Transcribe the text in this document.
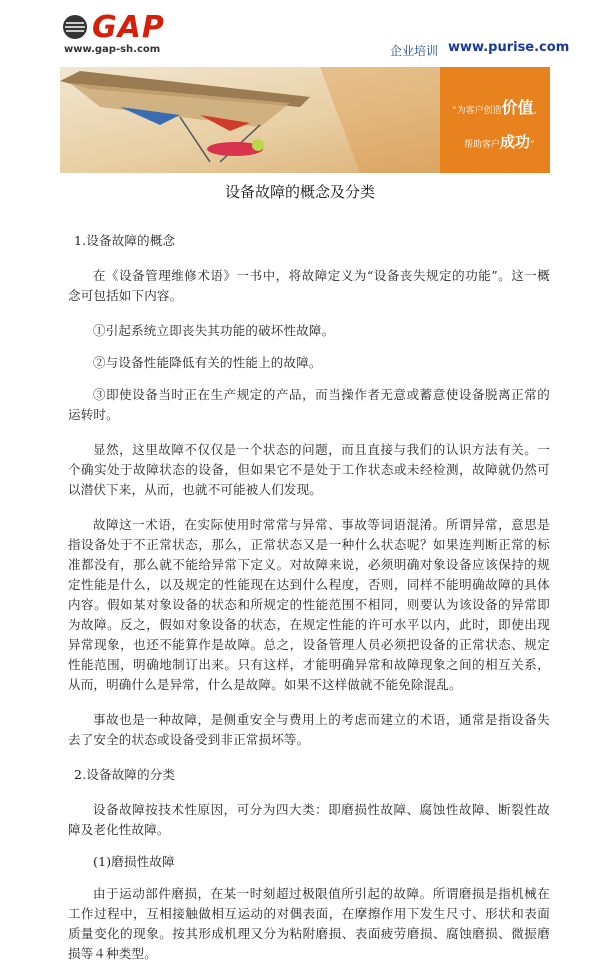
GAP
www.gap-sh.com	企业培训 www.purise.com
“为客户创造价值,
帮助客户成功”
设备故障的概念及分类

1.设备故障的概念

在《设备管理维修术语》一书中，将故障定义为“设备丧失规定的功能”。这一概念可包括如下内容。

①引起系统立即丧失其功能的破坏性故障。

②与设备性能降低有关的性能上的故障。

③即使设备当时正在生产规定的产品，而当操作者无意或蓄意使设备脱离正常的运转时。

显然，这里故障不仅仅是一个状态的问题，而且直接与我们的认识方法有关。一个确实处于故障状态的设备，但如果它不是处于工作状态或未经检测，故障就仍然可以潜伏下来，从而，也就不可能被人们发现。

故障这一术语，在实际使用时常常与异常、事故等词语混淆。所谓异常，意思是指设备处于不正常状态，那么，正常状态又是一种什么状态呢？如果连判断正常的标准都没有，那么就不能给异常下定义。对故障来说，必须明确对象设备应该保持的规定性能是什么，以及规定的性能现在达到什么程度，否则，同样不能明确故障的具体内容。假如某对象设备的状态和所规定的性能范围不相同，则要认为该设备的异常即为故障。反之，假如对象设备的状态，在规定性能的许可水平以内，此时，即使出现异常现象，也还不能算作是故障。总之，设备管理人员必须把设备的正常状态、规定性能范围，明确地制订出来。只有这样，才能明确异常和故障现象之间的相互关系，从而，明确什么是异常，什么是故障。如果不这样做就不能免除混乱。

事故也是一种故障，是侧重安全与费用上的考虑而建立的术语，通常是指设备失去了安全的状态或设备受到非正常损坏等。

2.设备故障的分类

设备故障按技术性原因，可分为四大类：即磨损性故障、腐蚀性故障、断裂性故障及老化性故障。

(1)磨损性故障

由于运动部件磨损，在某一时刻超过极限值所引起的故障。所谓磨损是指机械在工作过程中，互相接触做相互运动的对偶表面，在摩擦作用下发生尺寸、形状和表面质量变化的现象。按其形成机理又分为粘附磨损、表面疲劳磨损、腐蚀磨损、微振磨损等４种类型。
